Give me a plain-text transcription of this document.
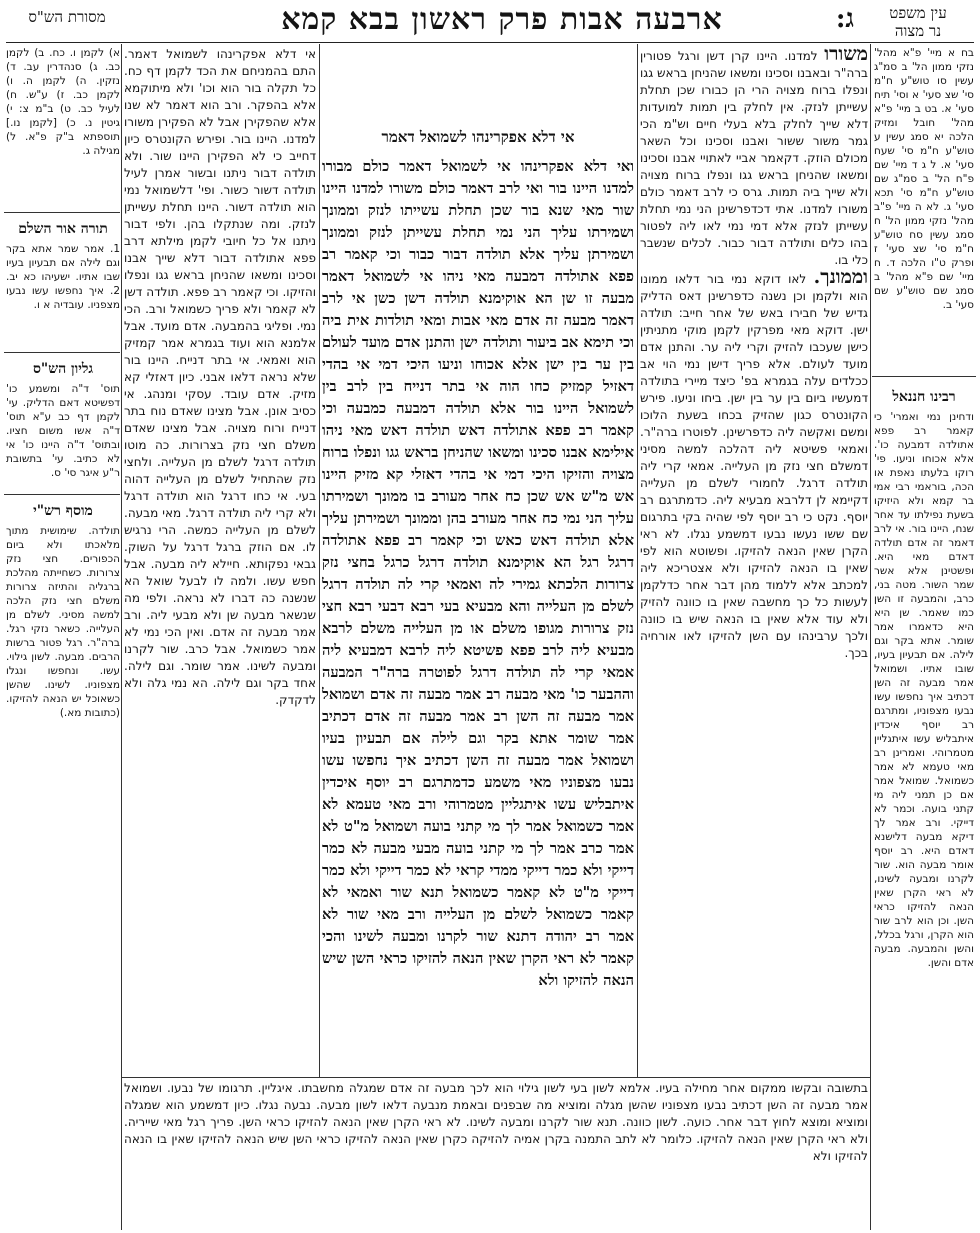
עין משפט
נר מצוה
ג:
ארבעה אבות פרק ראשון בבא קמא
מסורת הש"ס
אי דלא אפקרינהו לשמואל דאמר

ואי דלא אפקרינהו אי לשמואל דאמר כולם מבורו למדנו היינו בור ואי לרב דאמר כולם משורו למדנו היינו שור מאי שנא בור שכן תחלת עשייתו לנזק וממונך ושמירתו עליך הני נמי תחלת עשייתן לנזק וממונך ושמירתן עליך אלא תולדה דבור כבור וכי קאמר רב פפא אתולדה דמבעה מאי ניהו אי לשמואל דאמר מבעה זו שן הא אוקימנא תולדה דשן כשן אי לרב דאמר מבעה זה אדם מאי אבות ומאי תולדות אית ביה וכי תימא אב ביעור ותולדה ישן והתנן אדם מועד לעולם בין ער בין ישן אלא אכוחו וניעו היכי דמי אי בהדי דאזיל קמזיק כחו הוה אי בתר דנייח בין לרב בין לשמואל היינו בור אלא תולדה דמבעה כמבעה וכי קאמר רב פפא אתולדה דאש תולדה דאש מאי ניהו אילימא אבנו סכינו ומשאו שהניחן בראש גגו ונפלו ברוח מצויה והזיקו היכי דמי אי בהדי דאזלי קא מזיק היינו אש מ"ש אש שכן כח אחר מעורב בו ממונך ושמירתו עליך הני נמי כח אחר מעורב בהן וממונך ושמירתן עליך אלא תולדה דאש כאש וכי קאמר רב פפא אתולדה דרגל רגל הא אוקימנא תולדה דרגל כרגל בחצי נזק צרורות הלכתא גמירי לה ואמאי קרי לה תולדה דרגל לשלם מן העלייה והא מבעיא בעי רבא דבעי רבא חצי נזק צרורות מגופו משלם או מן העלייה משלם לרבא מבעיא ליה לרב פפא פשיטא ליה לרבא דמבעיא ליה אמאי קרי לה תולדה דרגל לפוטרה ברה"ר המבעה וההבער כו' מאי מבעה רב אמר מבעה זה אדם ושמואל אמר מבעה זה השן רב אמר מבעה זה אדם דכתיב אמר שומר אתא בקר וגם לילה אם תבעיון בעיו ושמואל אמר מבעה זה השן דכתיב איך נחפשו עשו נבעו מצפוניו מאי משמע כדמתרגם רב יוסף איכדין איתבליש עשו איתגליין מטמרוהי ורב מאי טעמא לא אמר כשמואל אמר לך מי קתני בועה ושמואל מ"ט לא אמר כרב אמר לך מי קתני בועה מבעי מבעה לא כמר דייקי ולא כמר דייקי ממדי קראי לא כמר דייקי ולא כמר דייקי מ"ט לא קאמר כשמואל תנא שור ואמאי לא קאמר כשמואל לשלם מן העלייה ורב מאי שור לא אמר רב יהודה דתנא שור לקרנו ומבעה לשינו והכי קאמר לא ראי הקרן שאין הנאה להזיקו כראי השן שיש הנאה להזיקו ולא

משורו למדנו. היינו קרן דשן ורגל פטורין ברה"ר ובאבנו וסכינו ומשאו שהניחן בראש גגו ונפלו ברוח מצויה הרי הן כבורו שכן תחלת עשייתן לנזק. אין לחלק בין תמות למועדות דלא שייך לחלק בלא בעלי חיים וש"מ הכי גמר משור ששור ואבנו וסכינו וכל השאר מכולם הוזק. דקאמר אביי לאתויי אבנו וסכינו ומשאו שהניחן בראש גגו ונפלו ברוח מצויה ולא שייך ביה תמות. גרס כי לרב דאמר כולם משורו למדנו. אתי דכדפרשינן הני נמי תחלת עשייתן לנזק אלא דמי נמי לאו ליה לפטור בהו כלים ותולדה דבור כבור. לכלים שנשבר כלי בו.

וממונך. לאו דוקא נמי בור דלאו ממונו הוא ולקמן וכן נשנה כדפרשינן דאס הדליק גדיש של חבירו באש של אחר חייב: תולדה ישן. דוקא מאי מפרקין לקמן מוקי מתניתין כישן שעכבו להזיק וקרי ליה ער. והתנן אדם מועד לעולם. אלא פריך דישן נמי הוי אב ככלדים עלה בגמרא בפ' כיצד מיירי בתולדה דמעשיו ביום בין ער בין ישן. ביחו וניעו. פירש הקונטרס כגון שהזיק בכחו בשעת הלוכו ומשם ואקשה ליה כדפרשינן. לפוטרו ברה"ר. ואמאי פשיטא ליה דהלכה למשה מסיני דמשלם חצי נזק מן העלייה. אמאי קרי ליה תולדה דרגל. לחמורי לשלם מן העלייה דקיימא לן דלרבא מבעיא ליה. כדמתרגם רב יוסף. נקט כי רב יוסף לפי שהיה בקי בתרגום שם ששו נעשו נבעו דמשמע נגלו. לא ראי הקרן שאין הנאה להזיקו. ופשוטא הוא לפי שאין בו הנאה להזיקו ולא אצטריכא ליה למכתב אלא ללמוד מהן דבר אחר כדלקמן לעשות כל כך מחשבה שאין בו כוונה להזיק ולא עוד אלא שאין בו הנאה שיש בו כוונה ולכך ערבינהו עם השן להזיקו לאו אורחיה בכך.

אי דלא אפקרינהו לשמואל דאמר. התם בהמניחם את הכד לקמן דף כח. כל תקלה בור הוא וכו' ולא מיתוקמא אלא בהפקר. ורב הוא דאמר לא שנו אלא שהפקירן אבל לא הפקירן משורו למדנו. היינו בור. ופירש הקונטרס כיון דחייב כי לא הפקירן היינו שור. ולא תולדה דבור ניתנו ובשור אמרן לעיל תולדה דשור כשור. ופי' דלשמואל נמי הוא תולדה דשור. היינו תחלת עשייתן לנזק. ומה שנתקלו בהן. ולפי דבור ניתנו אל כל חיובי לקמן מילתא דרב פפא אתולדה דבור דלא שייך אבנו וסכינו ומשאו שהניחן בראש גגו ונפלו והזיקו. וכי קאמר רב פפא. תולדה דשן לא קאמר ולא פריך כשמואל ורב. הכי נמי. ופליגי בהמבעה. אדם מועד. אבל אלמנא הוא ועוד בגמרא אמר קמזיק הוא ואמאי. אי בתר דנייח. היינו בור שלא נראה דלאו אבני. כיון דאזלי קא מזיק. אדם עובד. עסקי ומנהג. אי כסיב אונן. אבל מצינו שאדם נוח בתר דנייח ורוח מצויה. אבל מצינו שאדם משלם חצי נזק בצרורות. כה מוטו תולדה דרגל לשלם מן העלייה. ולחצי נזק שהתחיל לשלם מן העלייה דהוה בעי. אי כחו דרגל הוא תולדה דרגל ולא קרי ליה תולדה דרגל. מאי מבעה. לשלם מן העלייה כמשה. הרי נרגיש לו. אם הוזק ברגל דרגל על השוק. גבאי נפקותא. חיילא ליה מבעה. אבל חפש עשו. ולמה לו לבעל שואל הא שנשנה כה דברו לא נראה. ולפי מה שנשאר מבעה שן ולא מבעי ליה. ורב אמר מבעה זה אדם. ואין הכי נמי לא אמר כשמואל. אבל כרב. שור לקרנו ומבעה לשינו. אמר שומר. וגם לילה. אחד בקר וגם לילה. הא נמי גלה ולא לדקדק.

בח א מיי' פ"א מהל' נזקי ממון הל' ב סמ"ג עשין סו טוש"ע ח"מ סי' שצ סעי' א וסי' תיח סעי' א. בט ב מיי' פ"א מהל' חובל ומזיק הלכה יא סמג עשין ע טוש"ע ח"מ סי' שעח סעי' א. ל ג ד מיי' שם פ"ח הל' ב סמ"ג שם טוש"ע ח"מ סי' תכא סעי' ג. לא ה מיי' פ"ב מהל' נזקי ממון הל' ח סמג עשין סח טוש"ע ח"מ סי' שצ סעי' ז ופרק ט"ו הלכה ד. ח מיי' שם פ"א מהל' ב סמג שם טוש"ע שם סעי' ב.

רבינו חננאל

ודחינן נמי ואמרי' כי קאמר רב פפא אתולדה דמבעה כו'. אלא אכוחו וניעו. פי' רוקו בלעתו נאפת או הכה, בוראמי רבי אמי בר קמא ולא היזיקו בשעת נפילתו עד אחר שנח, היינו בור. אי לרב דאמר זה אדם תולדה דאדם מאי היא. ופשטינן אלא אשר שמר השור. מטה בני, כרב, והמבעה זו השן כמו שאמר. שן היא היא כדאמרו אמר שומר. אתא בקר וגם לילה. אם תבעיון בעיו, שובו אתיו. ושמואל אמר מבעה זה השן דכתיב איך נחפשו עשו נבעו מצפוניו, ומתרגם רב יוסף איכדין איתבליש עשו איתגליין מטמרוהי. ואמרינן רב מאי טעמא לא אמר כשמואל. שמואל אמר אם כן תמני ליה מי קתני בועה. וכמר לא דייקי. ורב אמר לך דיקא מבעה דלישנא דאדם היא. רב יוסף אומר מבעה הוא. שור לקרנו ומבעה לשינו, לא ראי הקרן שאין הנאה להזיקו כראי השן. וכן הוא לרב שור הוא הקרן, ורגל בכלל, והשן והמבעה. מבעה אדם והשן.

א) לקמן ו. כח. ב) לקמן כב. ג) סנהדרין עב. ד) נזקין. ה) לקמן ה. ו) לקמן כב. ז) ע"ש. ח) לעיל כב. ט) ב"מ צ: י) גיטין נ. כ) [לקמן נו.] תוספתא ב"ק פ"א. ל) מגילה ג.

תורה אור השלם

1. אמר שמר אתא בקר וגם לילה אם תבעיון בעיו שבו אתיו. ישעיהו כא יב. 2. איך נחפשו עשו נבעו מצפניו. עובדיה א ו.

גליון הש"ס

תוס' ד"ה ומשמע כו' דפשיטא דאם הדליק. עי' לקמן דף כב ע"א תוס' ד"ה אשו משום חציו. ובתוס' ד"ה היינו כו' אי לא כתיב. עי' בתשובת ר"ע איגר סי' ס.

מוסף רש"י

תולדה. שימושית מתוך מלאכתו ולא ביום הכפורים. חצי נזק צרורות. כשחייתה מהלכת ברגליה והתיזה צרורות משלם חצי נזק הלכה למשה מסיני. לשלם מן העלייה. כשאר נזקי רגל. ברה"ר. רגל פטור ברשות הרבים. מבעה. לשון גילוי. עשו. ונחפשו ונגלו מצפוניו. לשינו. שהשן כשאוכל יש הנאה להזיקו. (כתובות מא.)

בתשובה ובקשו ממקום אחר מחילה בעיו. אלמא לשון בעי לשון גילוי הוא לכך מבעה זה אדם שמגלה מחשבתו. איגליין. תרגומו של נבעו. ושמואל אמר מבעה זה השן דכתיב נבעו מצפוניו שהשן מגלה ומוציא מה שבפנים ובאמת מנבעה דלאו לשון מבעה. נבעה נגלו. כיון דמשמע הוא שמגלה ומוציא ומוצא לחוץ דבר אחר. כועה. לשון כוונה. תנא שור לקרנו ומבעה לשינו. לא ראי הקרן שאין הנאה להזיקו כראי השן. פריך רגל מאי שייריה. ולא ראי הקרן שאין הנאה להזיקו. כלומר לא לתב התמנה בקרן אמיה להזיקה כקרן שאין הנאה להזיקו כראי השן שיש הנאה להזיקו שאין בו הנאה להזיקו ולא
